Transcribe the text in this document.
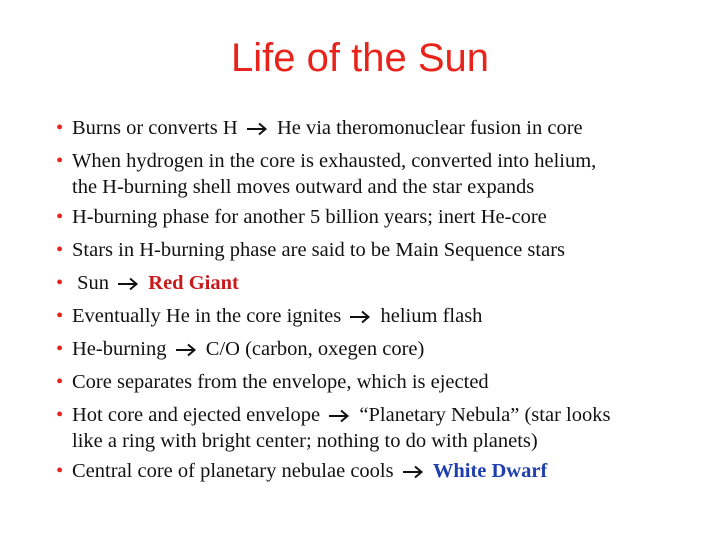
Life of the Sun
• Burns or converts H He via theromonuclear fusion in core
• When hydrogen in the core is exhausted, converted into helium,
the H-burning shell moves outward and the star expands
• H-burning phase for another 5 billion years; inert He-core
• Stars in H-burning phase are said to be Main Sequence stars
• Sun Red Giant
• Eventually He in the core ignites helium flash
• He-burning C/O (carbon, oxegen core)
• Core separates from the envelope, which is ejected
• Hot core and ejected envelope “Planetary Nebula” (star looks
like a ring with bright center; nothing to do with planets)
• Central core of planetary nebulae cools White Dwarf
